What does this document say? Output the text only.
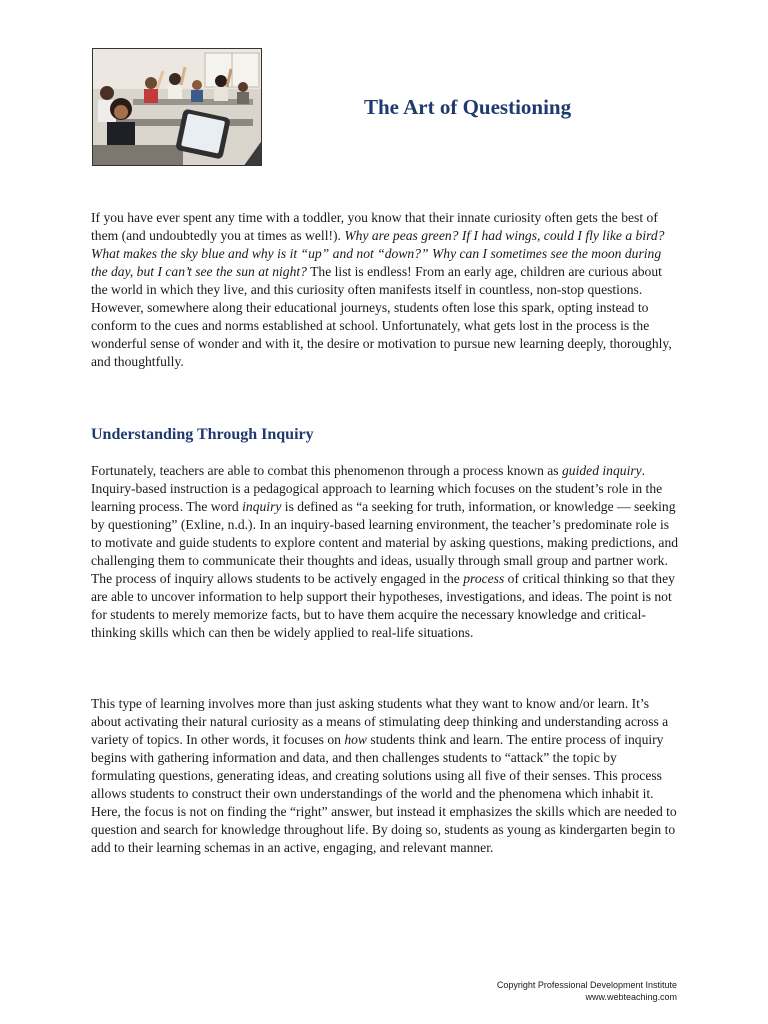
The Art of Questioning

If you have ever spent any time with a toddler, you know that their innate curiosity often gets the best of them (and undoubtedly you at times as well!). Why are peas green? If I had wings, could I fly like a bird? What makes the sky blue and why is it “up” and not “down?” Why can I sometimes see the moon during the day, but I can’t see the sun at night? The list is endless! From an early age, children are curious about the world in which they live, and this curiosity often manifests itself in countless, non-stop questions. However, somewhere along their educational journeys, students often lose this spark, opting instead to conform to the cues and norms established at school. Unfortunately, what gets lost in the process is the wonderful sense of wonder and with it, the desire or motivation to pursue new learning deeply, thoroughly, and thoughtfully.

Understanding Through Inquiry

Fortunately, teachers are able to combat this phenomenon through a process known as guided inquiry. Inquiry-based instruction is a pedagogical approach to learning which focuses on the student’s role in the learning process. The word inquiry is defined as “a seeking for truth, information, or knowledge — seeking by questioning” (Exline, n.d.). In an inquiry-based learning environment, the teacher’s predominate role is to motivate and guide students to explore content and material by asking questions, making predictions, and challenging them to communicate their thoughts and ideas, usually through small group and partner work. The process of inquiry allows students to be actively engaged in the process of critical thinking so that they are able to uncover information to help support their hypotheses, investigations, and ideas. The point is not for students to merely memorize facts, but to have them acquire the necessary knowledge and critical-thinking skills which can then be widely applied to real-life situations.

This type of learning involves more than just asking students what they want to know and/or learn. It’s about activating their natural curiosity as a means of stimulating deep thinking and understanding across a variety of topics. In other words, it focuses on how students think and learn. The entire process of inquiry begins with gathering information and data, and then challenges students to “attack” the topic by formulating questions, generating ideas, and creating solutions using all five of their senses. This process allows students to construct their own understandings of the world and the phenomena which inhabit it. Here, the focus is not on finding the “right” answer, but instead it emphasizes the skills which are needed to question and search for knowledge throughout life. By doing so, students as young as kindergarten begin to add to their learning schemas in an active, engaging, and relevant manner.

Copyright Professional Development Institute
www.webteaching.com
